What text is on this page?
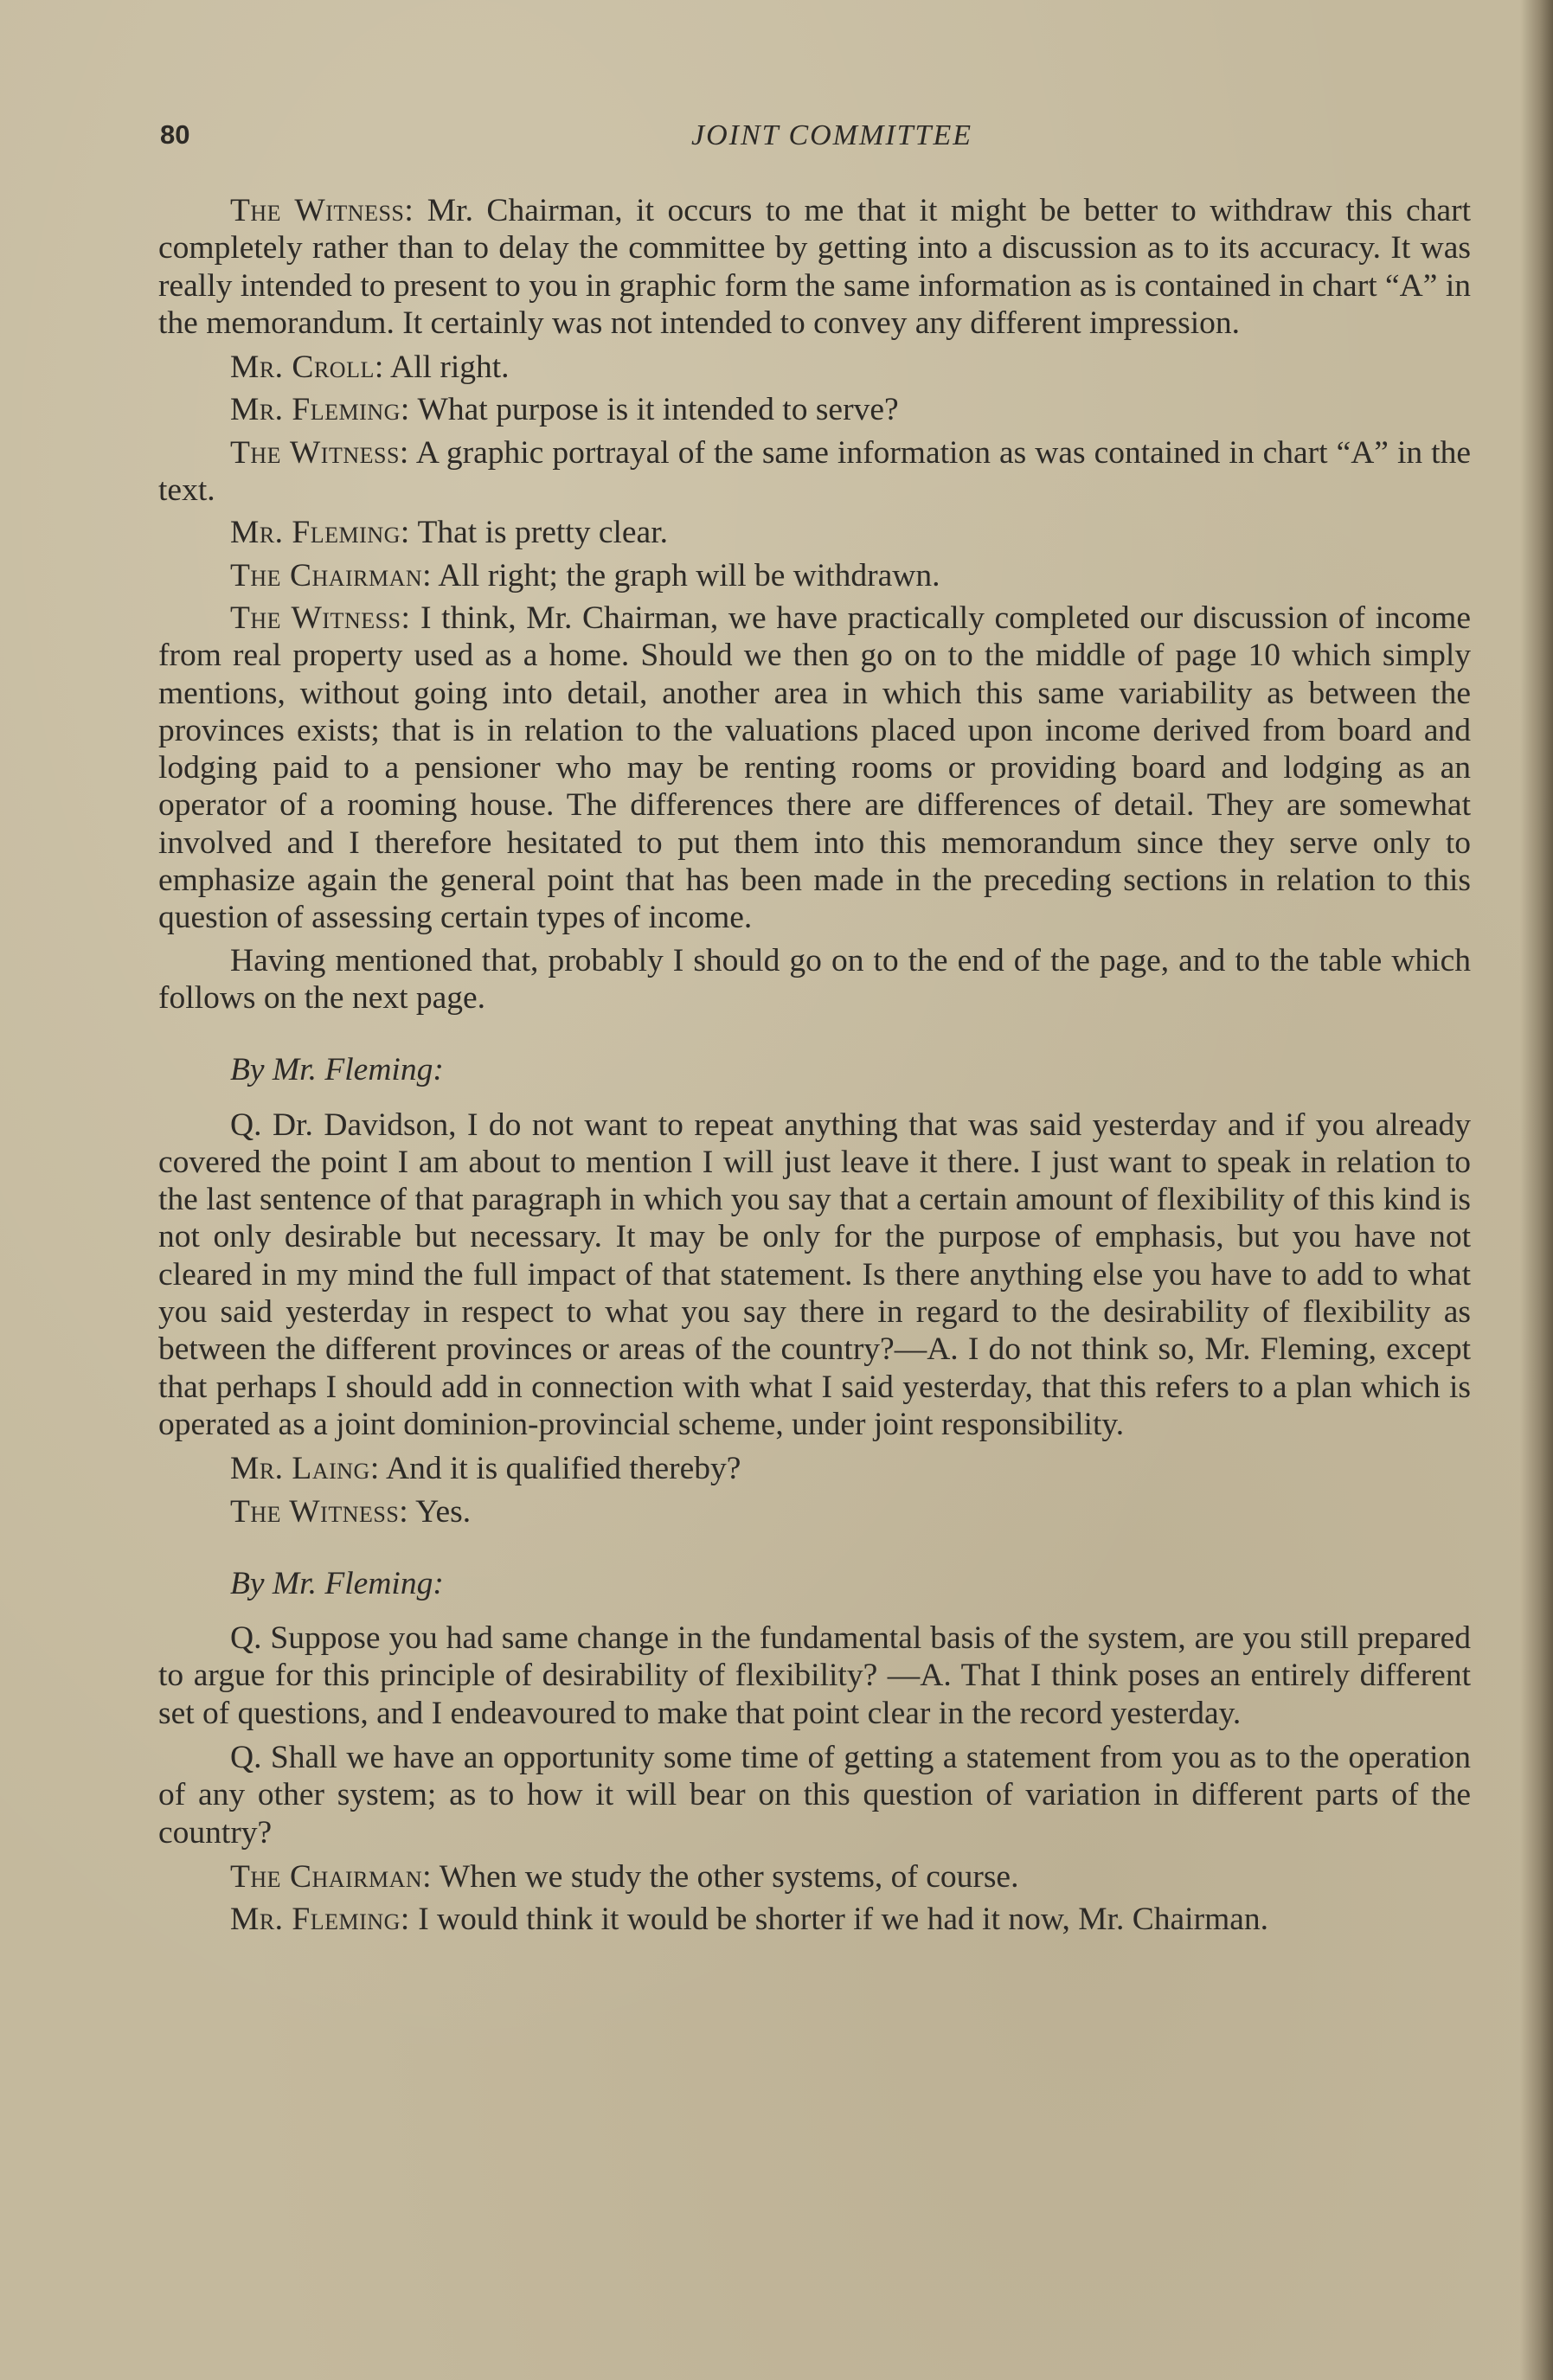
80	JOINT COMMITTEE

The Witness: Mr. Chairman, it occurs to me that it might be better to withdraw this chart completely rather than to delay the committee by getting into a discussion as to its accuracy. It was really intended to present to you in graphic form the same information as is contained in chart “A” in the memorandum. It certainly was not intended to convey any different impression.

Mr. Croll: All right.

Mr. Fleming: What purpose is it intended to serve?

The Witness: A graphic portrayal of the same information as was contained in chart “A” in the text.

Mr. Fleming: That is pretty clear.

The Chairman: All right; the graph will be withdrawn.

The Witness: I think, Mr. Chairman, we have practically completed our discussion of income from real property used as a home. Should we then go on to the middle of page 10 which simply mentions, without going into detail, another area in which this same variability as between the provinces exists; that is in relation to the valuations placed upon income derived from board and lodging paid to a pensioner who may be renting rooms or providing board and lodging as an operator of a rooming house. The differences there are differences of detail. They are somewhat involved and I therefore hesitated to put them into this memorandum since they serve only to emphasize again the general point that has been made in the preceding sections in relation to this question of assessing certain types of income.

Having mentioned that, probably I should go on to the end of the page, and to the table which follows on the next page.

By Mr. Fleming:

Q. Dr. Davidson, I do not want to repeat anything that was said yesterday and if you already covered the point I am about to mention I will just leave it there. I just want to speak in relation to the last sentence of that paragraph in which you say that a certain amount of flexibility of this kind is not only desirable but necessary. It may be only for the purpose of emphasis, but you have not cleared in my mind the full impact of that statement. Is there anything else you have to add to what you said yesterday in respect to what you say there in regard to the desirability of flexibility as between the different provinces or areas of the country?—A. I do not think so, Mr. Fleming, except that perhaps I should add in connection with what I said yesterday, that this refers to a plan which is operated as a joint dominion-provincial scheme, under joint responsibility.

Mr. Laing: And it is qualified thereby?

The Witness: Yes.

By Mr. Fleming:

Q. Suppose you had same change in the fundamental basis of the system, are you still prepared to argue for this principle of desirability of flexibility? —A. That I think poses an entirely different set of questions, and I endeavoured to make that point clear in the record yesterday.

Q. Shall we have an opportunity some time of getting a statement from you as to the operation of any other system; as to how it will bear on this question of variation in different parts of the country?

The Chairman: When we study the other systems, of course.

Mr. Fleming: I would think it would be shorter if we had it now, Mr. Chairman.
